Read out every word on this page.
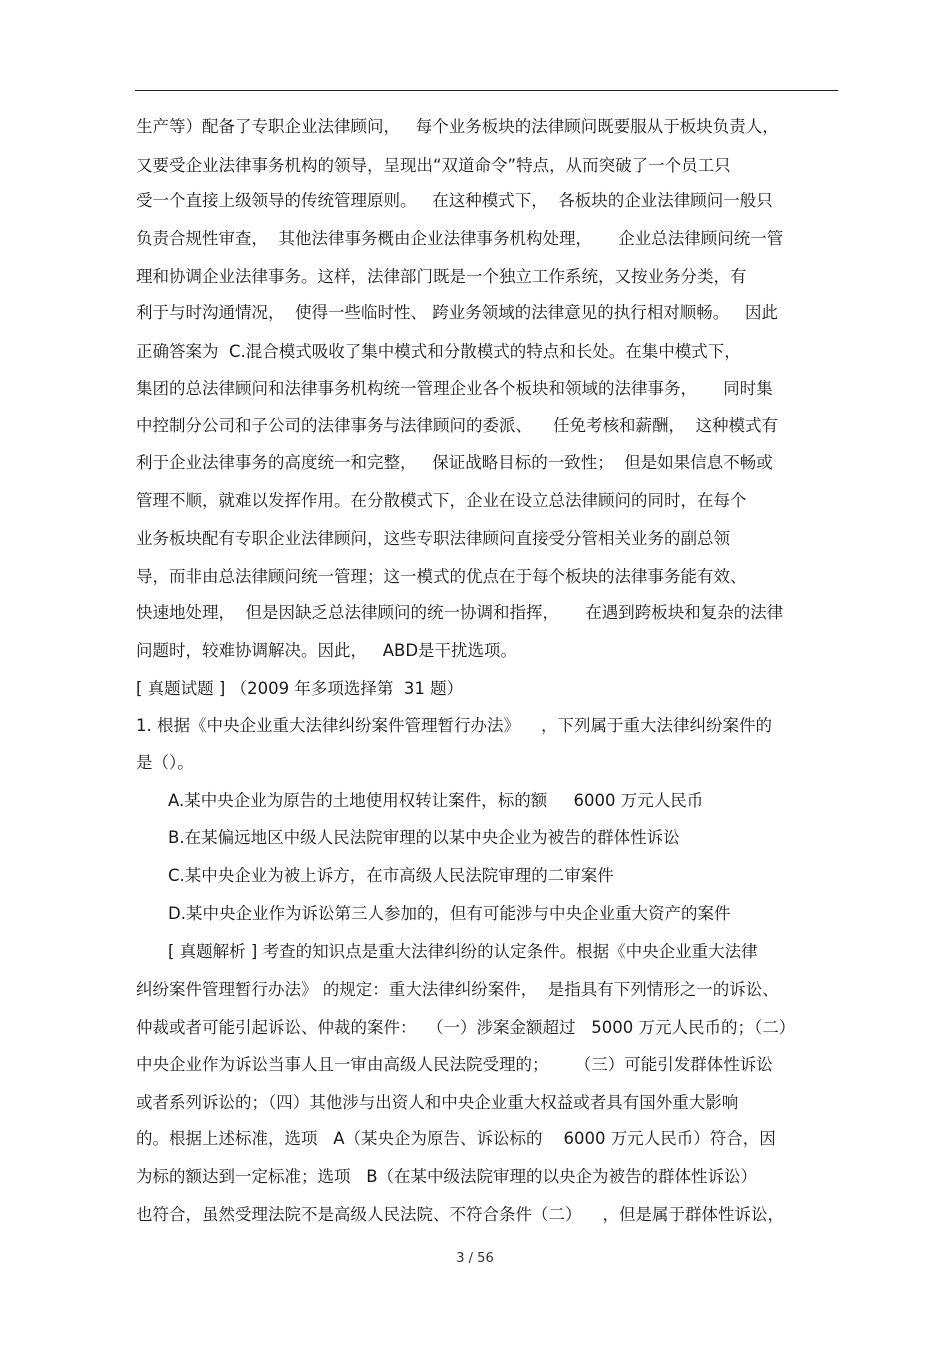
生产等）配备了专职企业法律顾问，   每个业务板块的法律顾问既要服从于板块负责人，
又要受企业法律事务机构的领导，呈现出“双道命令”特点，从而突破了一个员工只
受一个直接上级领导的传统管理原则。   在这种模式下，  各板块的企业法律顾问一般只
负责合规性审查，  其他法律事务概由企业法律事务机构处理，     企业总法律顾问统一管
理和协调企业法律事务。这样，法律部门既是一个独立工作系统，又按业务分类，有
利于与时沟通情况，  使得一些临时性、 跨业务领域的法律意见的执行相对顺畅。   因此
正确答案为  C.混合模式吸收了集中模式和分散模式的特点和长处。在集中模式下，
集团的总法律顾问和法律事务机构统一管理企业各个板块和领域的法律事务，     同时集
中控制分公司和子公司的法律事务与法律顾问的委派、    任免考核和薪酬，  这种模式有
利于企业法律事务的高度统一和完整，   保证战略目标的一致性；  但是如果信息不畅或
管理不顺，就难以发挥作用。在分散模式下，企业在设立总法律顾问的同时，在每个
业务板块配有专职企业法律顾问，这些专职法律顾问直接受分管相关业务的副总领
导，而非由总法律顾问统一管理；这一模式的优点在于每个板块的法律事务能有效、
快速地处理，  但是因缺乏总法律顾问的统一协调和指挥，     在遇到跨板块和复杂的法律
问题时，较难协调解决。因此，   ABD是干扰选项。
[ 真题试题 ] （2009 年多项选择第  31 题）
1. 根据《中央企业重大法律纠纷案件管理暂行办法》    ，下列属于重大法律纠纷案件的
是（）。
A.某中央企业为原告的土地使用权转让案件，标的额     6000 万元人民币
B.在某偏远地区中级人民法院审理的以某中央企业为被告的群体性诉讼
C.某中央企业为被上诉方，在市高级人民法院审理的二审案件
D.某中央企业作为诉讼第三人参加的，但有可能涉与中央企业重大资产的案件
[ 真题解析 ] 考查的知识点是重大法律纠纷的认定条件。根据《中央企业重大法律
纠纷案件管理暂行办法》 的规定：重大法律纠纷案件，  是指具有下列情形之一的诉讼、
仲裁或者可能引起诉讼、仲裁的案件：  （一）涉案金额超过   5000 万元人民币的；（二）
中央企业作为诉讼当事人且一审由高级人民法院受理的；     （三）可能引发群体性诉讼
或者系列诉讼的；（四）其他涉与出资人和中央企业重大权益或者具有国外重大影响
的。根据上述标准，选项   A（某央企为原告、诉讼标的    6000 万元人民币）符合，因
为标的额达到一定标准；选项   B（在某中级法院审理的以央企为被告的群体性诉讼）
也符合，虽然受理法院不是高级人民法院、不符合条件（二）    ，但是属于群体性诉讼，
3 / 56
